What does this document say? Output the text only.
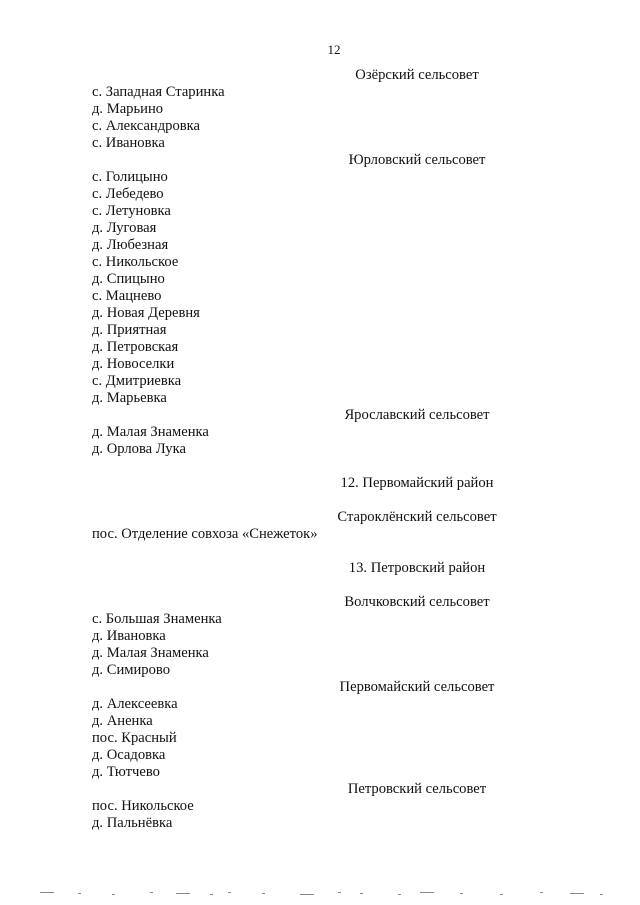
12
Озёрский сельсовет
с. Западная Старинка
д. Марьино
с. Александровка
с. Ивановка
Юрловский сельсовет
с. Голицыно
с. Лебедево
с. Летуновка
д. Луговая
д. Любезная
с. Никольское
д. Спицыно
с. Мацнево
д. Новая Деревня
д. Приятная
д. Петровская
д. Новоселки
с. Дмитриевка
д. Марьевка
Ярославский сельсовет
д. Малая Знаменка
д. Орлова Лука
12. Первомайский район
Староклёнский сельсовет
пос. Отделение совхоза «Снежеток»
13. Петровский район
Волчковский сельсовет
с. Большая Знаменка
д. Ивановка
д. Малая Знаменка
д. Симирово
Первомайский сельсовет
д. Алексеевка
д. Аненка
пос. Красный
д. Осадовка
д. Тютчево
Петровский сельсовет
пос. Никольское
д. Пальнёвка
